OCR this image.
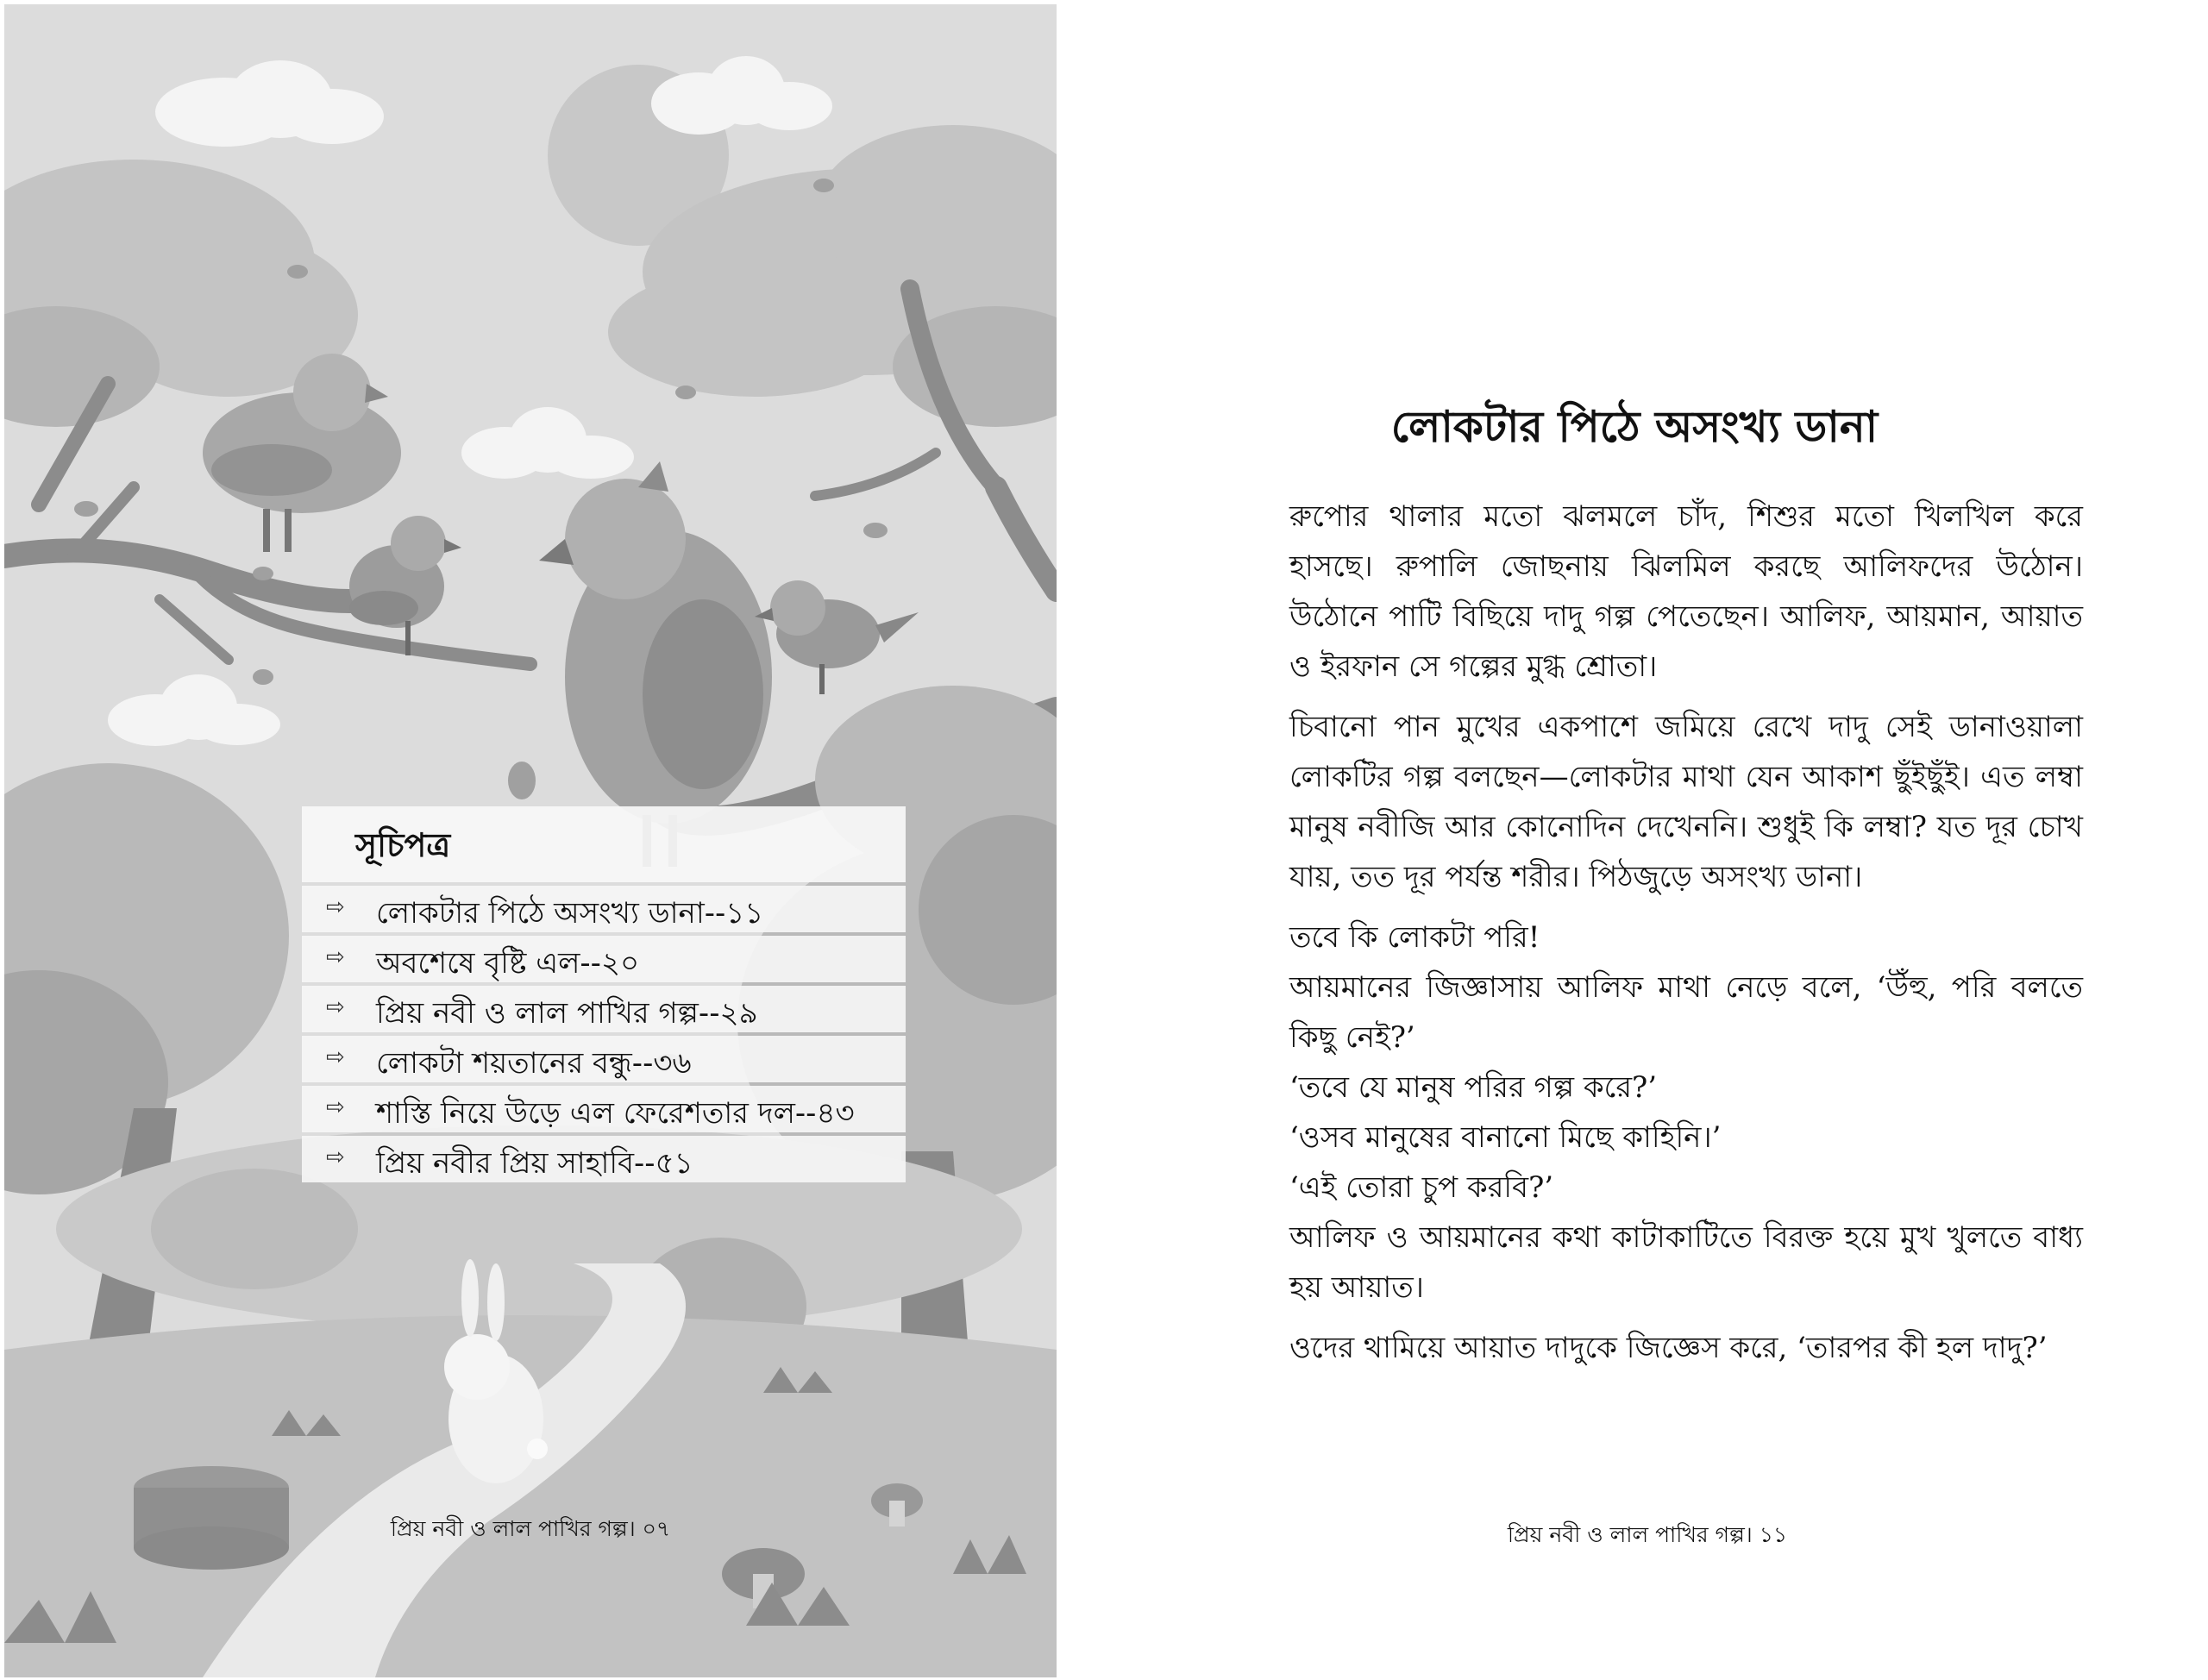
সূচিপত্র
⇨ লোকটার পিঠে অসংখ্য ডানা--১১
⇨ অবশেষে বৃষ্টি এল--২০
⇨ প্রিয় নবী ও লাল পাখির গল্প--২৯
⇨ লোকটা শয়তানের বন্ধু--৩৬
⇨ শাস্তি নিয়ে উড়ে এল ফেরেশতার দল--৪৩
⇨ প্রিয় নবীর প্রিয় সাহাবি--৫১
প্রিয় নবী ও লাল পাখির গল্প। ০৭
লোকটার পিঠে অসংখ্য ডানা

রুপোর থালার মতো ঝলমলে চাঁদ, শিশুর মতো খিলখিল করে হাসছে। রুপালি জোছনায় ঝিলমিল করছে আলিফদের উঠোন। উঠোনে পাটি বিছিয়ে দাদু গল্প পেতেছেন। আলিফ, আয়মান, আয়াত ও ইরফান সে গল্পের মুগ্ধ শ্রোতা।

চিবানো পান মুখের একপাশে জমিয়ে রেখে দাদু সেই ডানাওয়ালা লোকটির গল্প বলছেন—লোকটার মাথা যেন আকাশ ছুঁইছুঁই। এত লম্বা মানুষ নবীজি আর কোনোদিন দেখেননি। শুধুই কি লম্বা? যত দূর চোখ যায়, তত দূর পর্যন্ত শরীর। পিঠজুড়ে অসংখ্য ডানা।

তবে কি লোকটা পরি!

আয়মানের জিজ্ঞাসায় আলিফ মাথা নেড়ে বলে, ‘উঁহু, পরি বলতে কিছু নেই?’

‘তবে যে মানুষ পরির গল্প করে?’

‘ওসব মানুষের বানানো মিছে কাহিনি।’

‘এই তোরা চুপ করবি?’

আলিফ ও আয়মানের কথা কাটাকাটিতে বিরক্ত হয়ে মুখ খুলতে বাধ্য হয় আয়াত।

ওদের থামিয়ে আয়াত দাদুকে জিজ্ঞেস করে, ‘তারপর কী হল দাদু?’

প্রিয় নবী ও লাল পাখির গল্প। ১১
